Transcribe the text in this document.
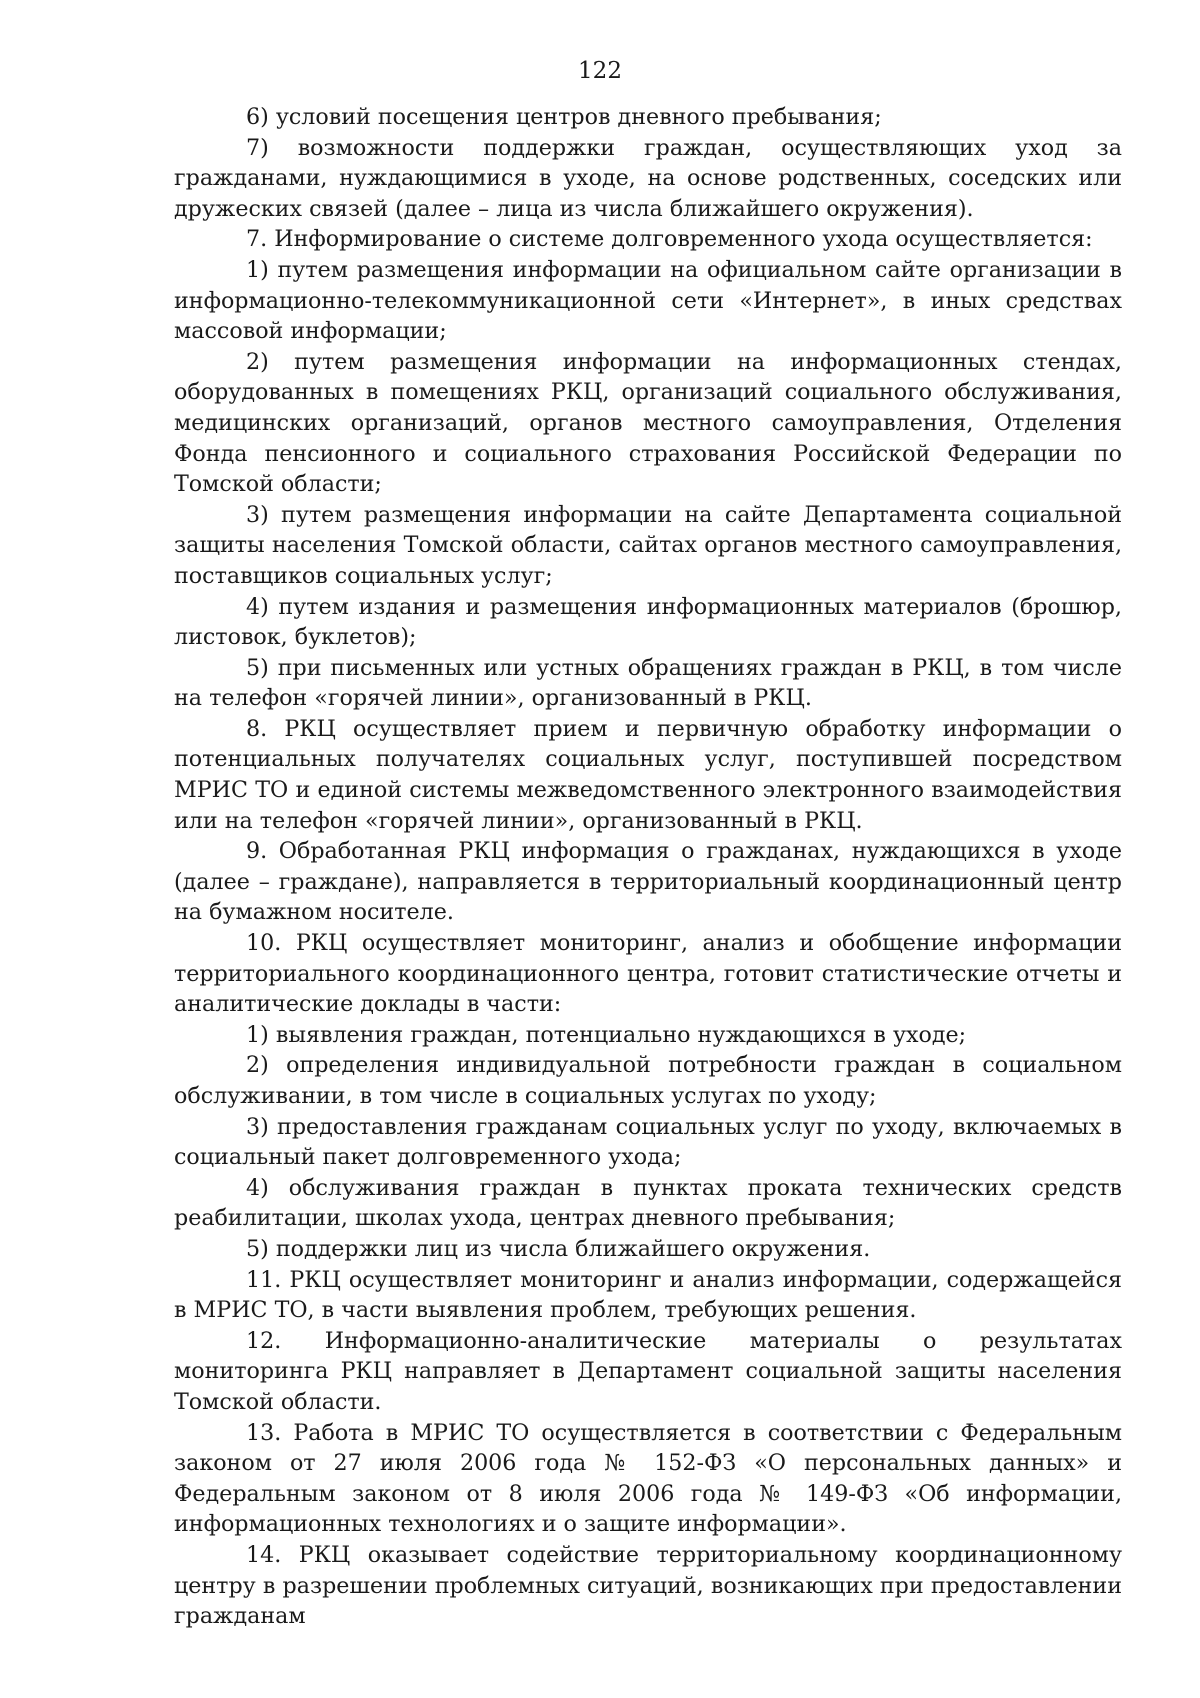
122

6) условий посещения центров дневного пребывания;

7) возможности поддержки граждан, осуществляющих уход за гражданами, нуждающимися в уходе, на основе родственных, соседских или дружеских связей (далее – лица из числа ближайшего окружения).

7. Информирование о системе долговременного ухода осуществляется:

1) путем размещения информации на официальном сайте организации в информационно-телекоммуникационной сети «Интернет», в иных средствах массовой информации;

2) путем размещения информации на информационных стендах, оборудованных в помещениях РКЦ, организаций социального обслуживания, медицинских организаций, органов местного самоуправления, Отделения Фонда пенсионного и социального страхования Российской Федерации по Томской области;

3) путем размещения информации на сайте Департамента социальной защиты населения Томской области, сайтах органов местного самоуправления, поставщиков социальных услуг;

4) путем издания и размещения информационных материалов (брошюр, листовок, буклетов);

5) при письменных или устных обращениях граждан в РКЦ, в том числе на телефон «горячей линии», организованный в РКЦ.

8. РКЦ осуществляет прием и первичную обработку информации о потенциальных получателях социальных услуг, поступившей посредством МРИС ТО и единой системы межведомственного электронного взаимодействия или на телефон «горячей линии», организованный в РКЦ.

9. Обработанная РКЦ информация о гражданах, нуждающихся в уходе (далее – граждане), направляется в территориальный координационный центр на бумажном носителе.

10. РКЦ осуществляет мониторинг, анализ и обобщение информации территориального координационного центра, готовит статистические отчеты и аналитические доклады в части:

1) выявления граждан, потенциально нуждающихся в уходе;

2) определения индивидуальной потребности граждан в социальном обслуживании, в том числе в социальных услугах по уходу;

3) предоставления гражданам социальных услуг по уходу, включаемых в социальный пакет долговременного ухода;

4) обслуживания граждан в пунктах проката технических средств реабилитации, школах ухода, центрах дневного пребывания;

5) поддержки лиц из числа ближайшего окружения.

11. РКЦ осуществляет мониторинг и анализ информации, содержащейся в МРИС ТО, в части выявления проблем, требующих решения.

12. Информационно-аналитические материалы о результатах мониторинга РКЦ направляет в Департамент социальной защиты населения Томской области.

13. Работа в МРИС ТО осуществляется в соответствии с Федеральным законом от 27 июля 2006 года № 152-ФЗ «О персональных данных» и Федеральным законом от 8 июля 2006 года № 149-ФЗ «Об информации, информационных технологиях и о защите информации».

14. РКЦ оказывает содействие территориальному координационному центру в разрешении проблемных ситуаций, возникающих при предоставлении гражданам
